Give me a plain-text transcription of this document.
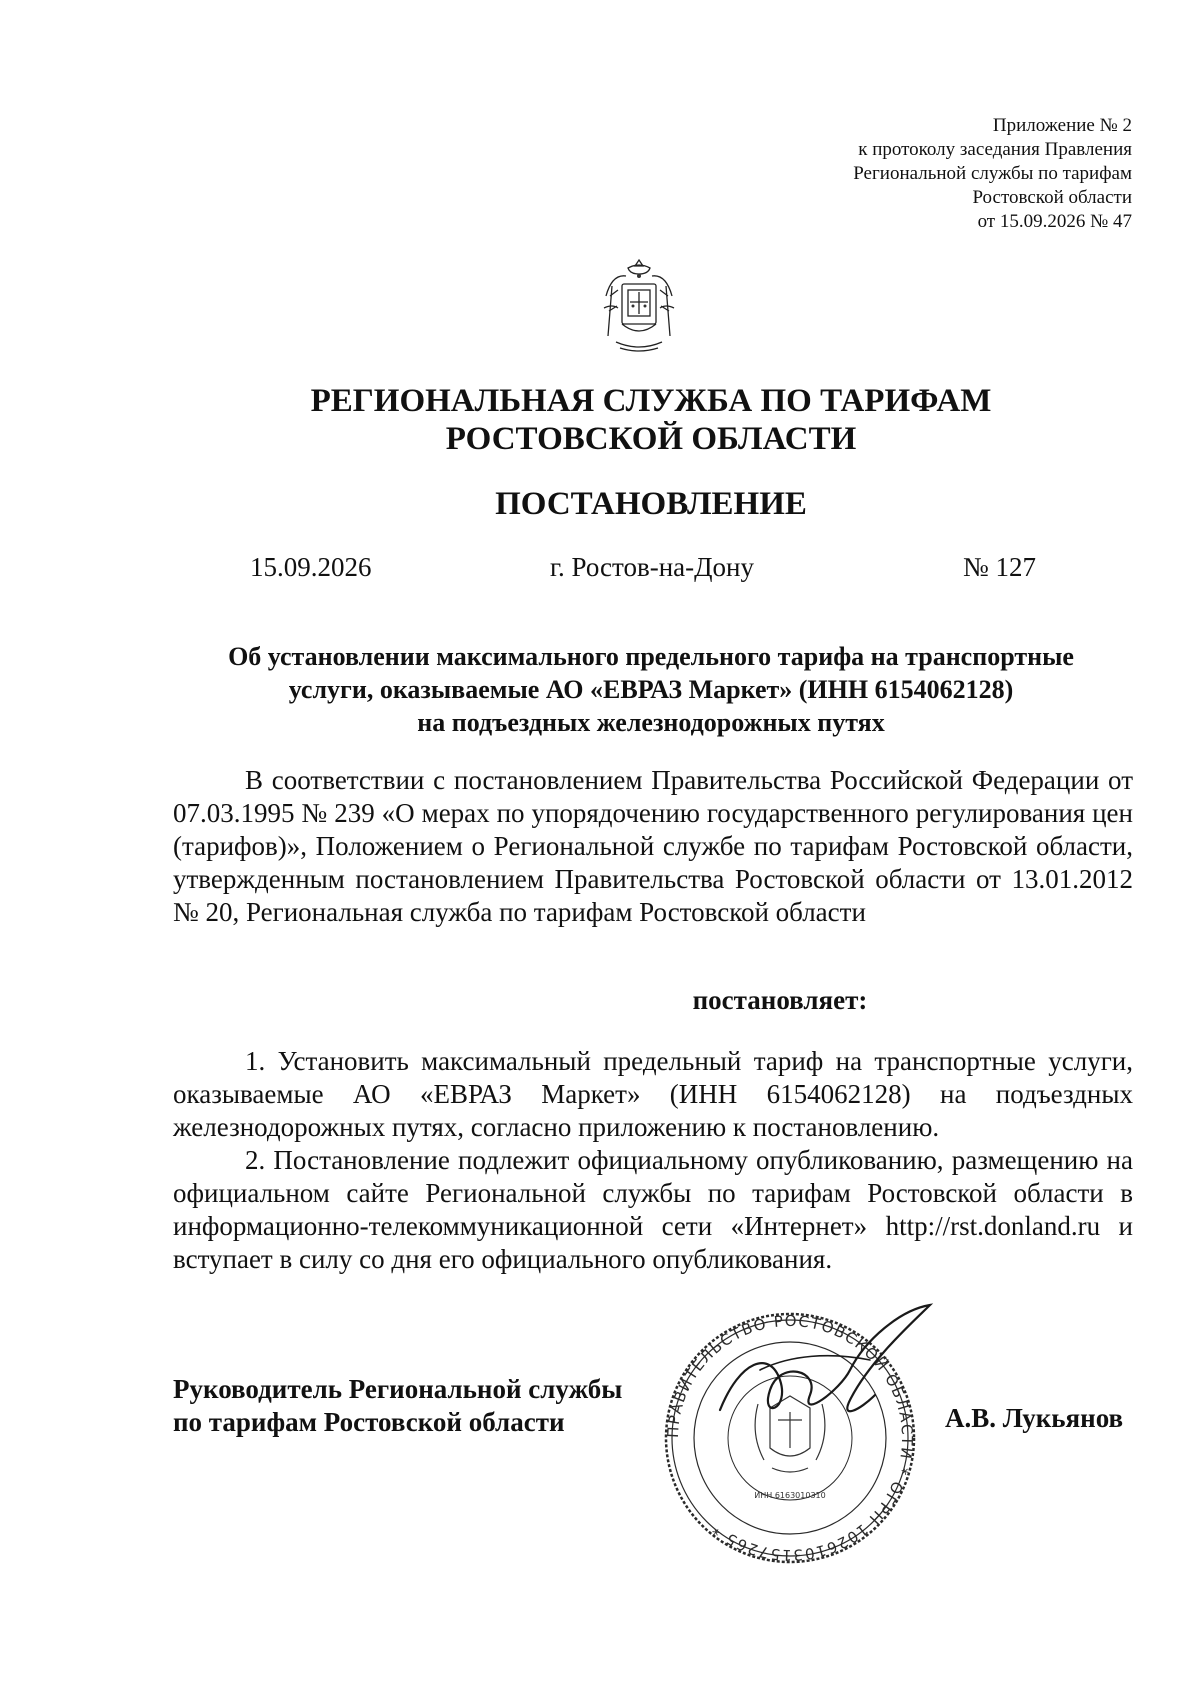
Приложение № 2
к протоколу заседания Правления
Региональной службы по тарифам
Ростовской области
от 15.09.2026 № 47
РЕГИОНАЛЬНАЯ СЛУЖБА ПО ТАРИФАМ
РОСТОВСКОЙ ОБЛАСТИ
ПОСТАНОВЛЕНИЕ
15.09.2026	г. Ростов-на-Дону	№ 127
Об установлении максимального предельного тарифа на транспортные
услуги, оказываемые АО «ЕВРАЗ Маркет» (ИНН 6154062128)
на подъездных железнодорожных путях

В соответствии с постановлением Правительства Российской Федерации от 07.03.1995 № 239 «О мерах по упорядочению государственного регулирования цен (тарифов)», Положением о Региональной службе по тарифам Ростовской области, утвержденным постановлением Правительства Ростовской области от 13.01.2012 № 20, Региональная служба по тарифам Ростовской области

постановляет:

1. Установить максимальный предельный тариф на транспортные услуги, оказываемые АО «ЕВРАЗ Маркет» (ИНН 6154062128) на подъездных железнодорожных путях, согласно приложению к постановлению.

2. Постановление подлежит официальному опубликованию, размещению на официальном сайте Региональной службы по тарифам Ростовской области в информационно-телекоммуникационной сети «Интернет» http://rst.donland.ru и вступает в силу со дня его официального опубликования.

Руководитель Региональной службы
по тарифам Ростовской области	ПРАВИТЕЛЬСТВО РОСТОВСКОЙ ОБЛАСТИ * ОГРН 1026103157265 *
ИНН 6163010310
А.В. Лукьянов
